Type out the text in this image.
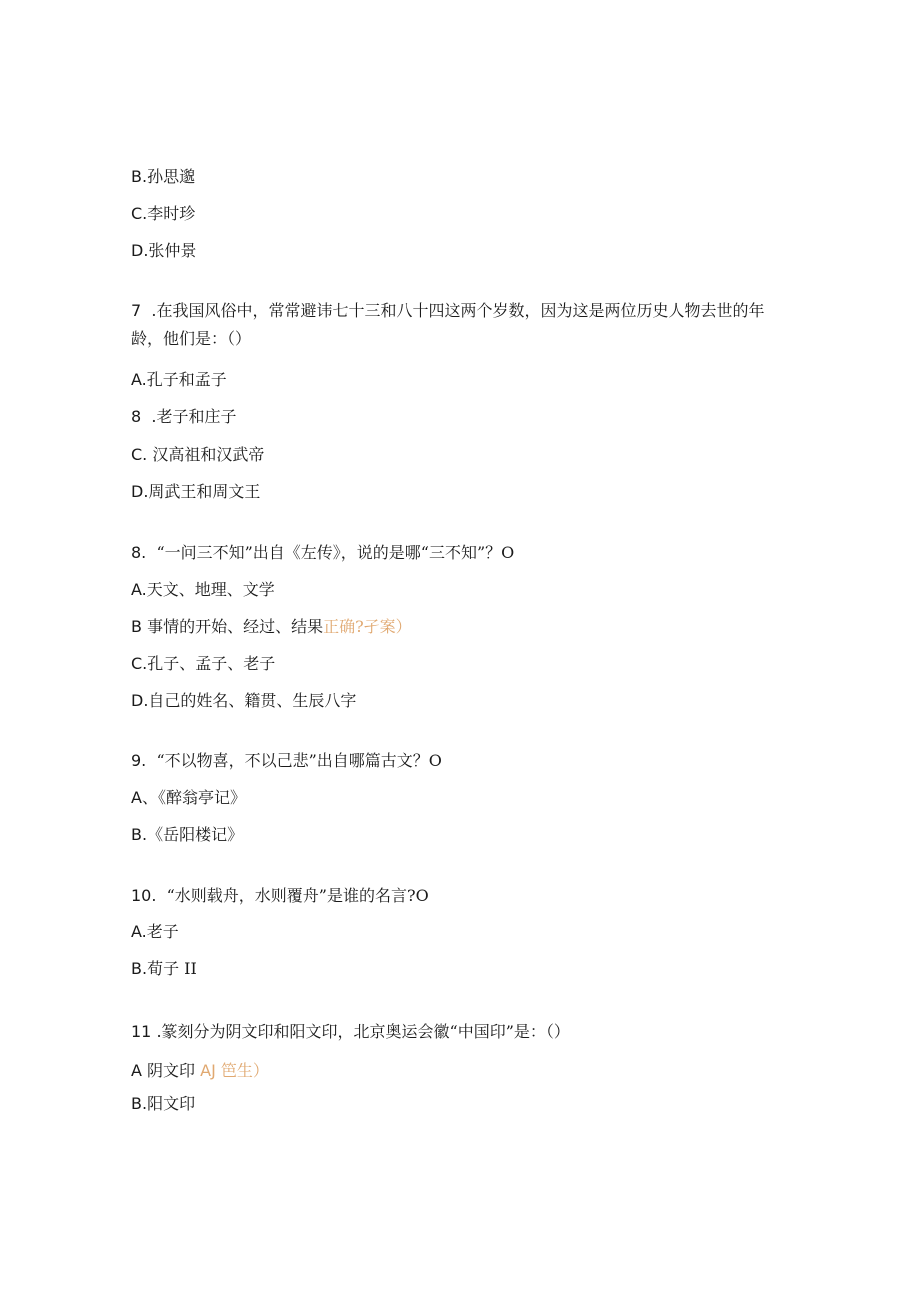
B.孙思邈
C.李时珍
D.张仲景
7  .在我国风俗中，常常避讳七十三和八十四这两个岁数，因为这是两位历史人物去世的年龄，他们是：（）
A.孔子和孟子
8  .老子和庄子
C. 汉高祖和汉武帝
D.周武王和周文王
8.  “一问三不知”出自《左传》，说的是哪“三不知”？O
A.天文、地理、文学
B 事情的开始、经过、结果正确?孑案）
C.孔子、孟子、老子
D.自己的姓名、籍贯、生辰八字
9.  “不以物喜，不以己悲”出自哪篇古文？O
A、《醉翁亭记》
B.《岳阳楼记》
10.  “水则载舟，水则覆舟”是谁的名言?O
A.老子
B.荀子 II
11 .篆刻分为阴文印和阳文印，北京奥运会徽“中国印”是：（）
A 阴文印 AJ 笆生）
B.阳文印
